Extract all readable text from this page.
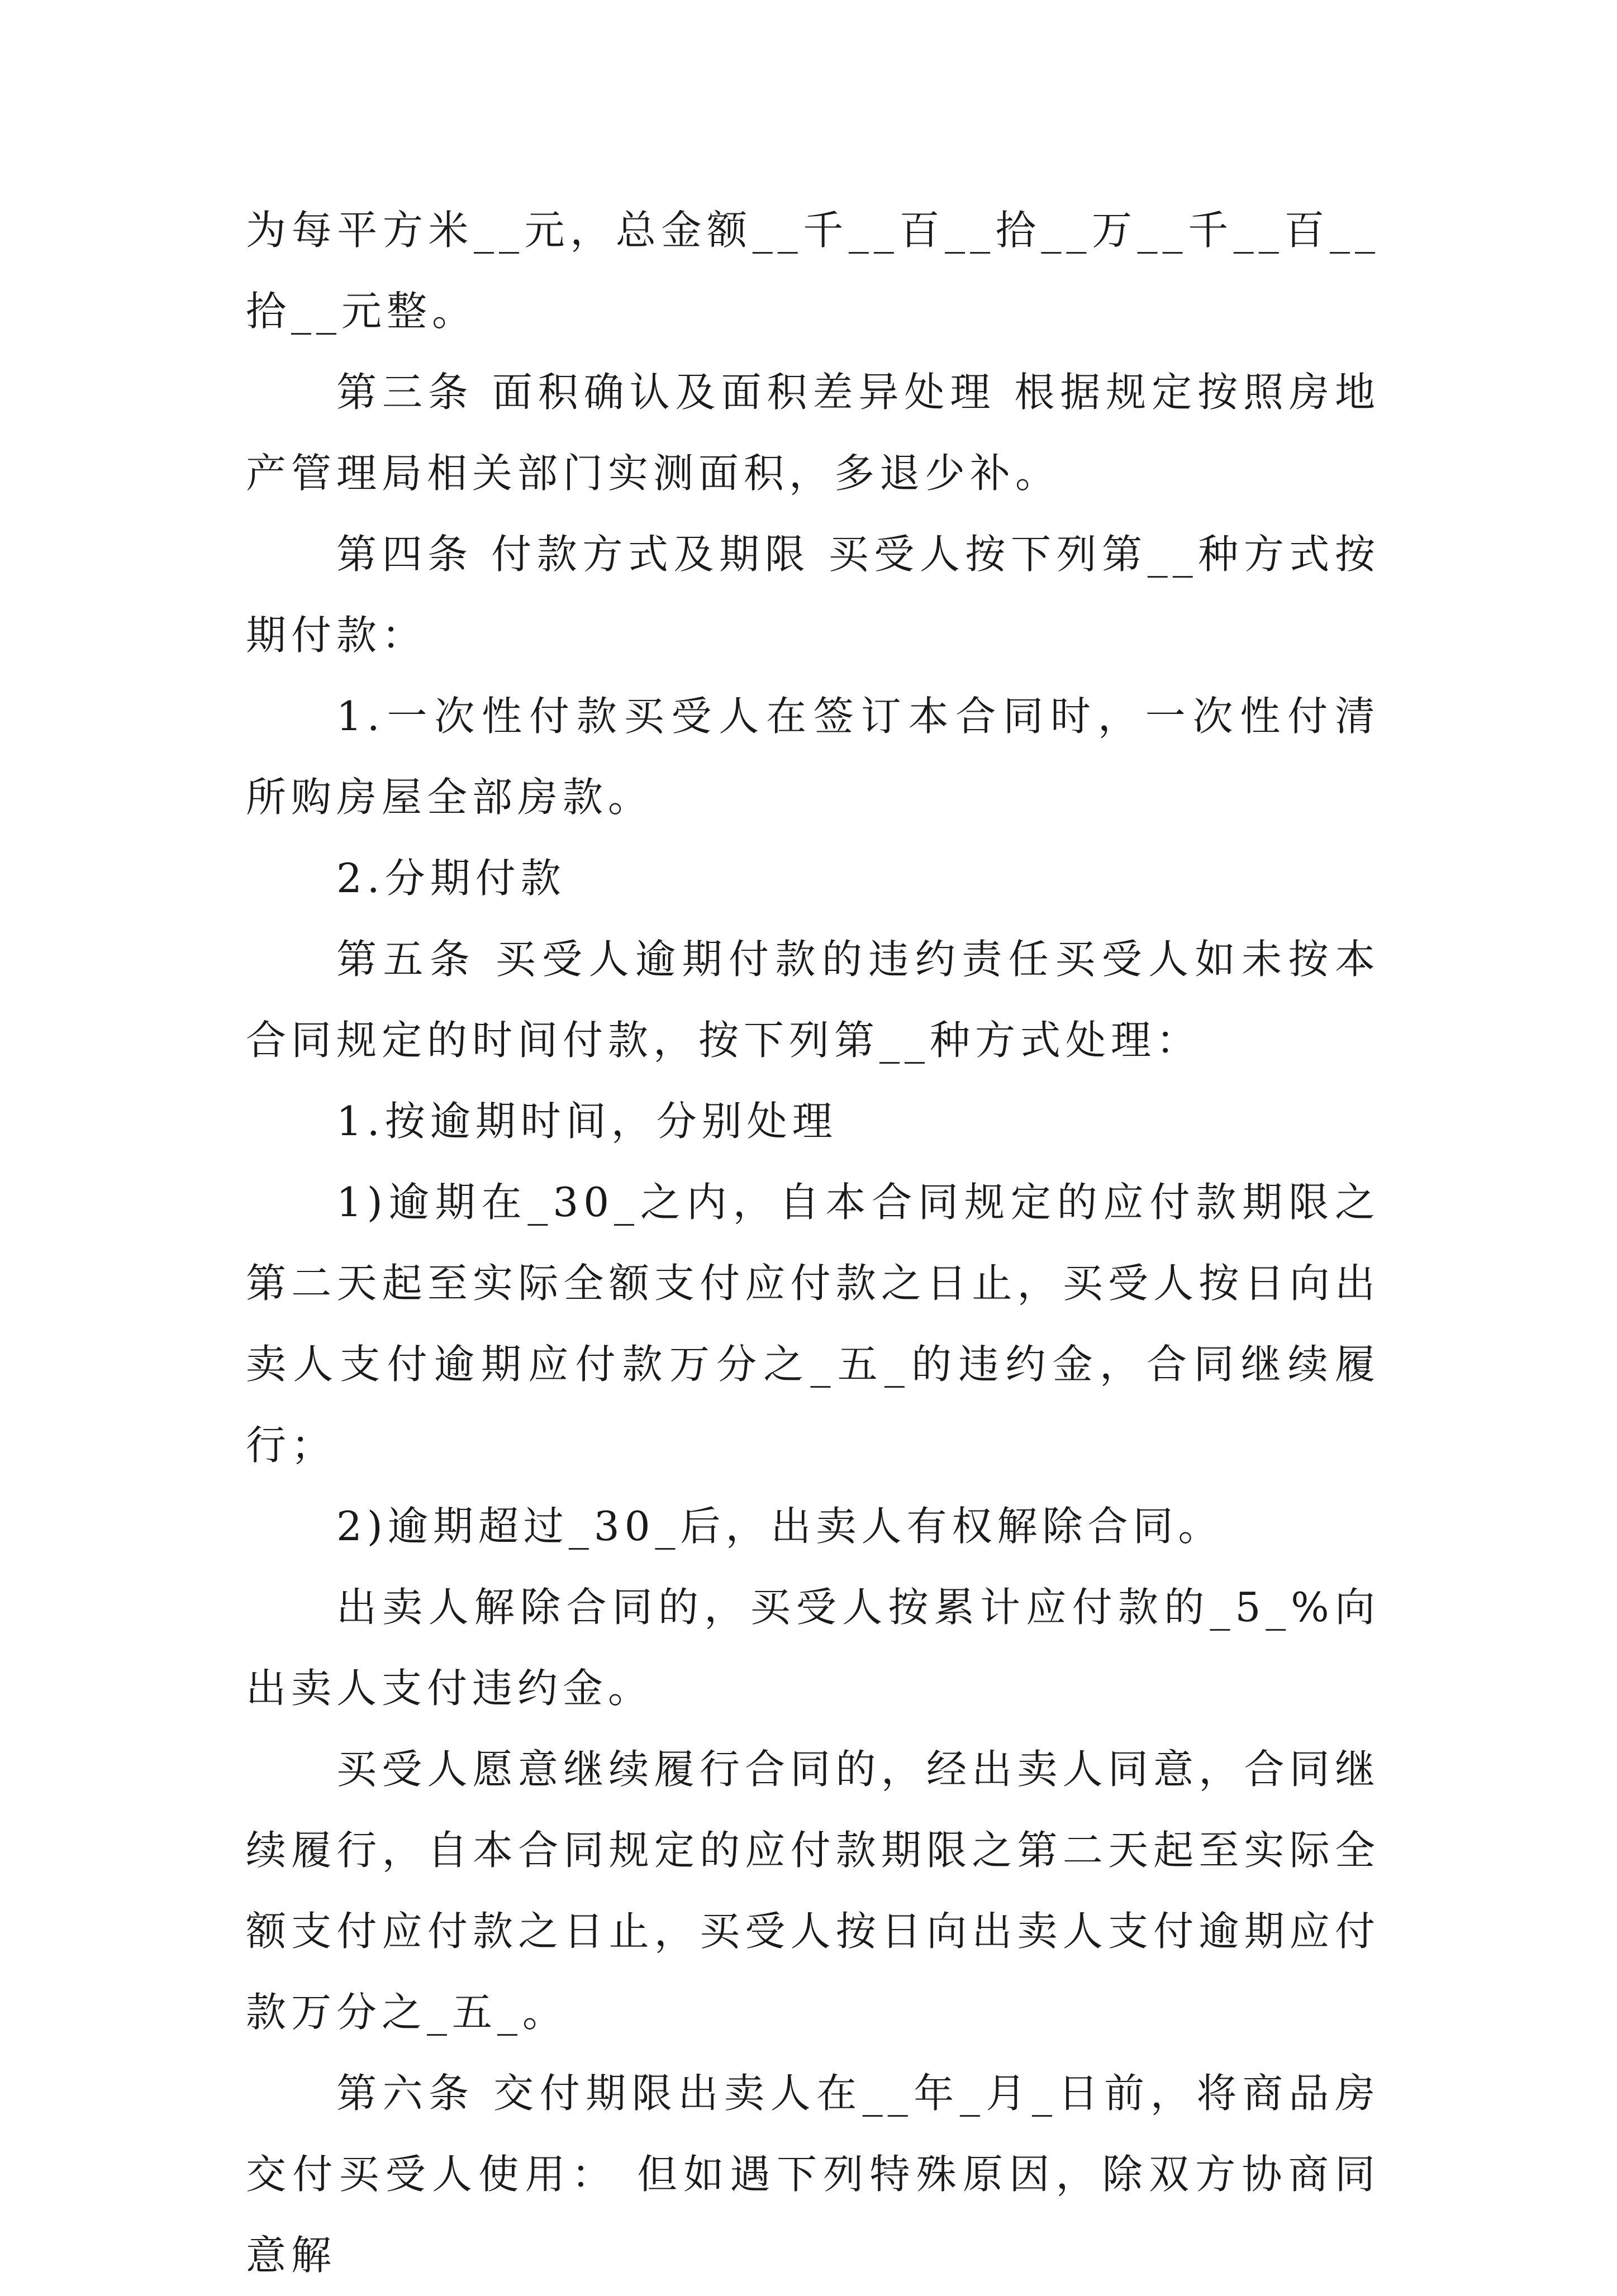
为每平方米__元，总金额__千__百__拾__万__千__百__拾__元整。

第三条 面积确认及面积差异处理 根据规定按照房地产管理局相关部门实测面积，多退少补。

第四条 付款方式及期限 买受人按下列第__种方式按期付款：

1.一次性付款买受人在签订本合同时，一次性付清所购房屋全部房款。

2.分期付款

第五条 买受人逾期付款的违约责任买受人如未按本合同规定的时间付款，按下列第__种方式处理：

1.按逾期时间，分别处理

1)逾期在_30_之内，自本合同规定的应付款期限之第二天起至实际全额支付应付款之日止，买受人按日向出卖人支付逾期应付款万分之_五_的违约金，合同继续履行；

2)逾期超过_30_后，出卖人有权解除合同。

出卖人解除合同的，买受人按累计应付款的_5_%向出卖人支付违约金。

买受人愿意继续履行合同的，经出卖人同意，合同继续履行，自本合同规定的应付款期限之第二天起至实际全额支付应付款之日止，买受人按日向出卖人支付逾期应付款万分之_五_。

第六条 交付期限出卖人在__年_月_日前，将商品房交付买受人使用： 但如遇下列特殊原因，除双方协商同意解
